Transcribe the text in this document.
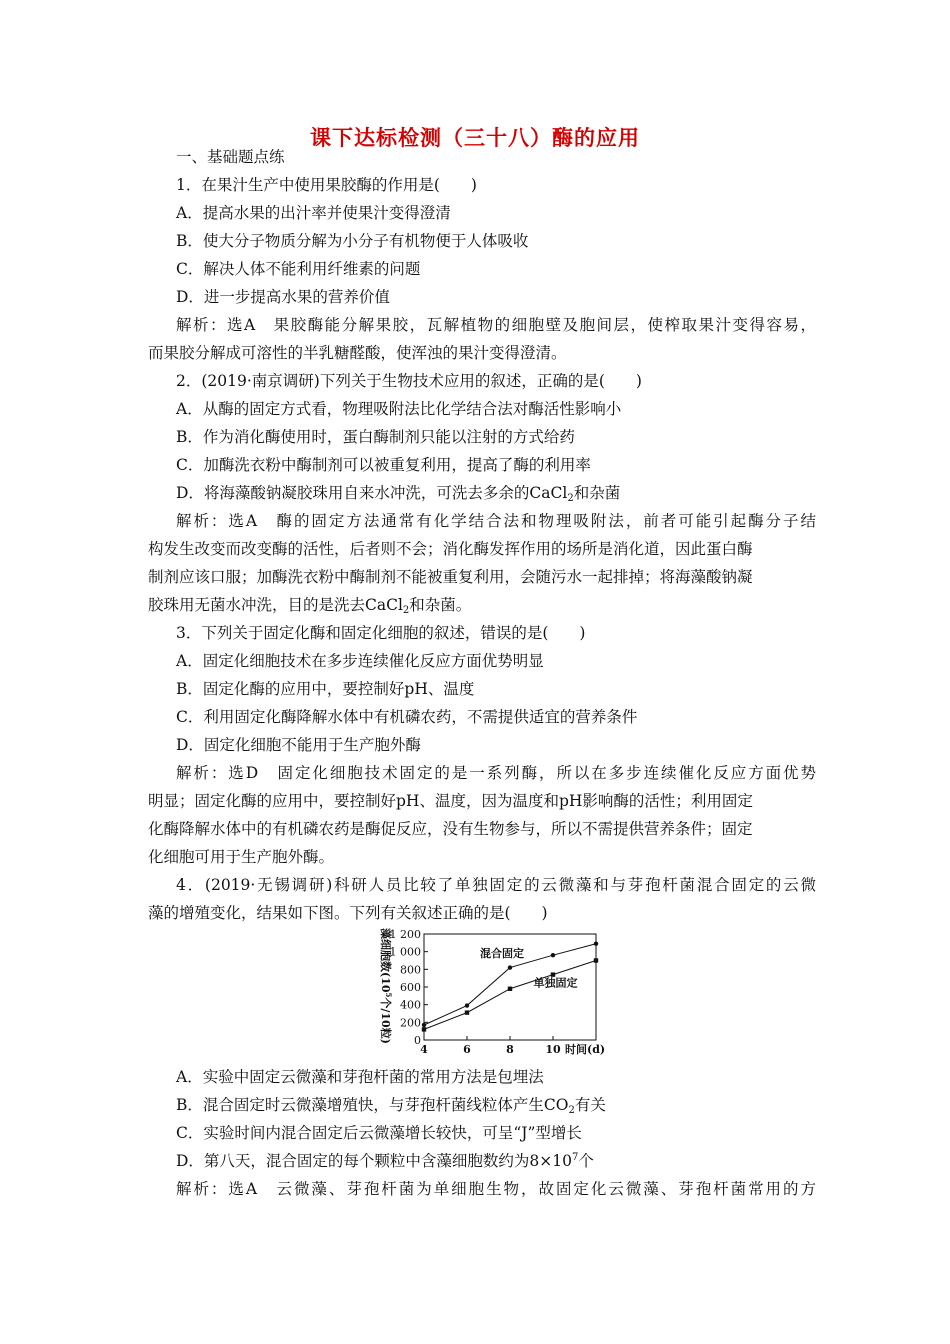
课下达标检测（三十八）酶的应用
一、基础题点练
1．在果汁生产中使用果胶酶的作用是(　　)
A．提高水果的出汁率并使果汁变得澄清
B．使大分子物质分解为小分子有机物便于人体吸收
C．解决人体不能利用纤维素的问题
D．进一步提高水果的营养价值
解析：选A　果胶酶能分解果胶，瓦解植物的细胞壁及胞间层，使榨取果汁变得容易，
而果胶分解成可溶性的半乳糖醛酸，使浑浊的果汁变得澄清。
2．(2019·南京调研)下列关于生物技术应用的叙述，正确的是(　　)
A．从酶的固定方式看，物理吸附法比化学结合法对酶活性影响小
B．作为消化酶使用时，蛋白酶制剂只能以注射的方式给药
C．加酶洗衣粉中酶制剂可以被重复利用，提高了酶的利用率
D．将海藻酸钠凝胶珠用自来水冲洗，可洗去多余的CaCl$_2$和杂菌
解析：选A　酶的固定方法通常有化学结合法和物理吸附法，前者可能引起酶分子结
构发生改变而改变酶的活性，后者则不会；消化酶发挥作用的场所是消化道，因此蛋白酶
制剂应该口服；加酶洗衣粉中酶制剂不能被重复利用，会随污水一起排掉；将海藻酸钠凝
胶珠用无菌水冲洗，目的是洗去CaCl$_2$和杂菌。
3．下列关于固定化酶和固定化细胞的叙述，错误的是(　　)
A．固定化细胞技术在多步连续催化反应方面优势明显
B．固定化酶的应用中，要控制好pH、温度
C．利用固定化酶降解水体中有机磷农药，不需提供适宜的营养条件
D．固定化细胞不能用于生产胞外酶
解析：选D　固定化细胞技术固定的是一系列酶，所以在多步连续催化反应方面优势
明显；固定化酶的应用中，要控制好pH、温度，因为温度和pH影响酶的活性；利用固定
化酶降解水体中的有机磷农药是酶促反应，没有生物参与，所以不需提供营养条件；固定
化细胞可用于生产胞外酶。
4．(2019·无锡调研)科研人员比较了单独固定的云微藻和与芽孢杆菌混合固定的云微
藻的增殖变化，结果如下图。下列有关叙述正确的是(　　)
0
200
400
600
800
1 000
1 200
4	6	8	10 时间(d)
混合固定
单独固定
藻细胞数($10^5$个/10粒)
A．实验中固定云微藻和芽孢杆菌的常用方法是包埋法
B．混合固定时云微藻增殖快，与芽孢杆菌线粒体产生$CO_2$有关
C．实验时间内混合固定后云微藻增长较快，可呈“J”型增长
D．第八天，混合固定的每个颗粒中含藻细胞数约为$8\times 10^7$个
解析：选A　云微藻、芽孢杆菌为单细胞生物，故固定化云微藻、芽孢杆菌常用的方
